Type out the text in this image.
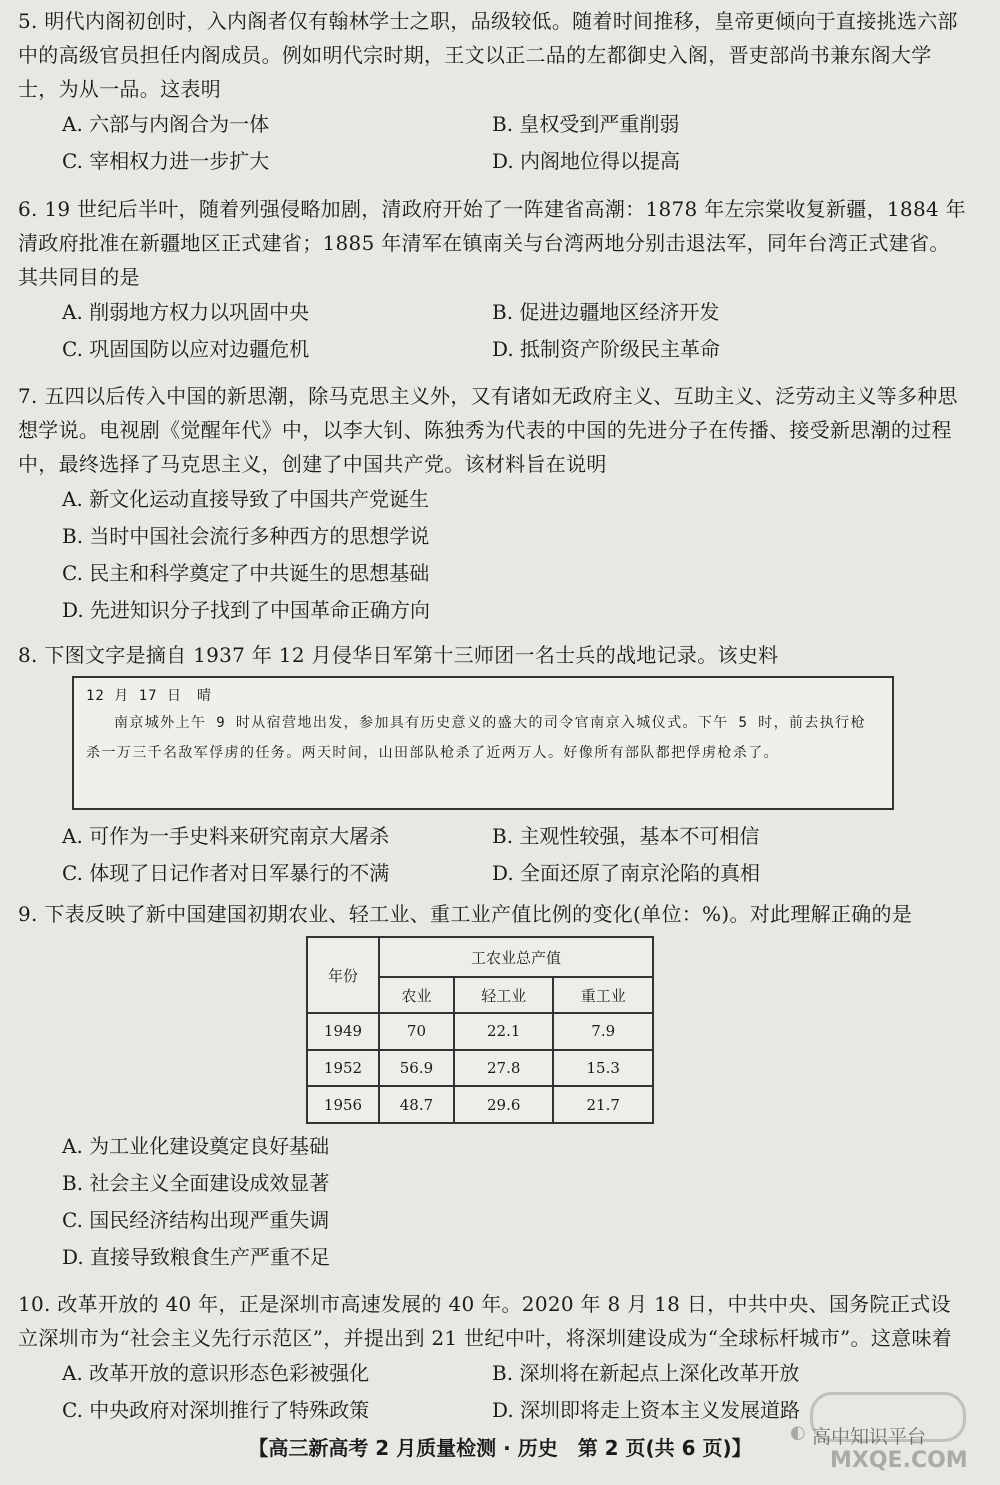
5. 明代内阁初创时，入内阁者仅有翰林学士之职，品级较低。随着时间推移，皇帝更倾向于直接挑选六部中的高级官员担任内阁成员。例如明代宗时期，王文以正二品的左都御史入阁，晋吏部尚书兼东阁大学士，为从一品。这表明

A. 六部与内阁合为一体	B. 皇权受到严重削弱
C. 宰相权力进一步扩大	D. 内阁地位得以提高

6. 19 世纪后半叶，随着列强侵略加剧，清政府开始了一阵建省高潮：1878 年左宗棠收复新疆，1884 年清政府批准在新疆地区正式建省；1885 年清军在镇南关与台湾两地分别击退法军，同年台湾正式建省。其共同目的是

A. 削弱地方权力以巩固中央	B. 促进边疆地区经济开发
C. 巩固国防以应对边疆危机	D. 抵制资产阶级民主革命

7. 五四以后传入中国的新思潮，除马克思主义外，又有诸如无政府主义、互助主义、泛劳动主义等多种思想学说。电视剧《觉醒年代》中，以李大钊、陈独秀为代表的中国的先进分子在传播、接受新思潮的过程中，最终选择了马克思主义，创建了中国共产党。该材料旨在说明

A. 新文化运动直接导致了中国共产党诞生
B. 当时中国社会流行多种西方的思想学说
C. 民主和科学奠定了中共诞生的思想基础
D. 先进知识分子找到了中国革命正确方向

8. 下图文字是摘自 1937 年 12 月侵华日军第十三师团一名士兵的战地记录。该史料

12 月 17 日　晴
南京城外上午 9 时从宿营地出发，参加具有历史意义的盛大的司令官南京入城仪式。下午 5 时，前去执行枪杀一万三千名敌军俘虏的任务。两天时间，山田部队枪杀了近两万人。好像所有部队都把俘虏枪杀了。
A. 可作为一手史料来研究南京大屠杀	B. 主观性较强，基本不可相信
C. 体现了日记作者对日军暴行的不满	D. 全面还原了南京沦陷的真相

9. 下表反映了新中国建国初期农业、轻工业、重工业产值比例的变化(单位：%)。对此理解正确的是

年份	工农业总产值		
	农业	轻工业	重工业
1949	70	22.1	7.9
1952	56.9	27.8	15.3
1956	48.7	29.6	21.7
A. 为工业化建设奠定良好基础
B. 社会主义全面建设成效显著
C. 国民经济结构出现严重失调
D. 直接导致粮食生产严重不足

10. 改革开放的 40 年，正是深圳市高速发展的 40 年。2020 年 8 月 18 日，中共中央、国务院正式设立深圳市为“社会主义先行示范区”，并提出到 21 世纪中叶，将深圳建设成为“全球标杆城市”。这意味着

A. 改革开放的意识形态色彩被强化	B. 深圳将在新起点上深化改革开放
C. 中央政府对深圳推行了特殊政策	D. 深圳即将走上资本主义发展道路
【高三新高考 2 月质量检测 · 历史　第 2 页(共 6 页)】
◐ 高中知识平台
MXQE.COM
